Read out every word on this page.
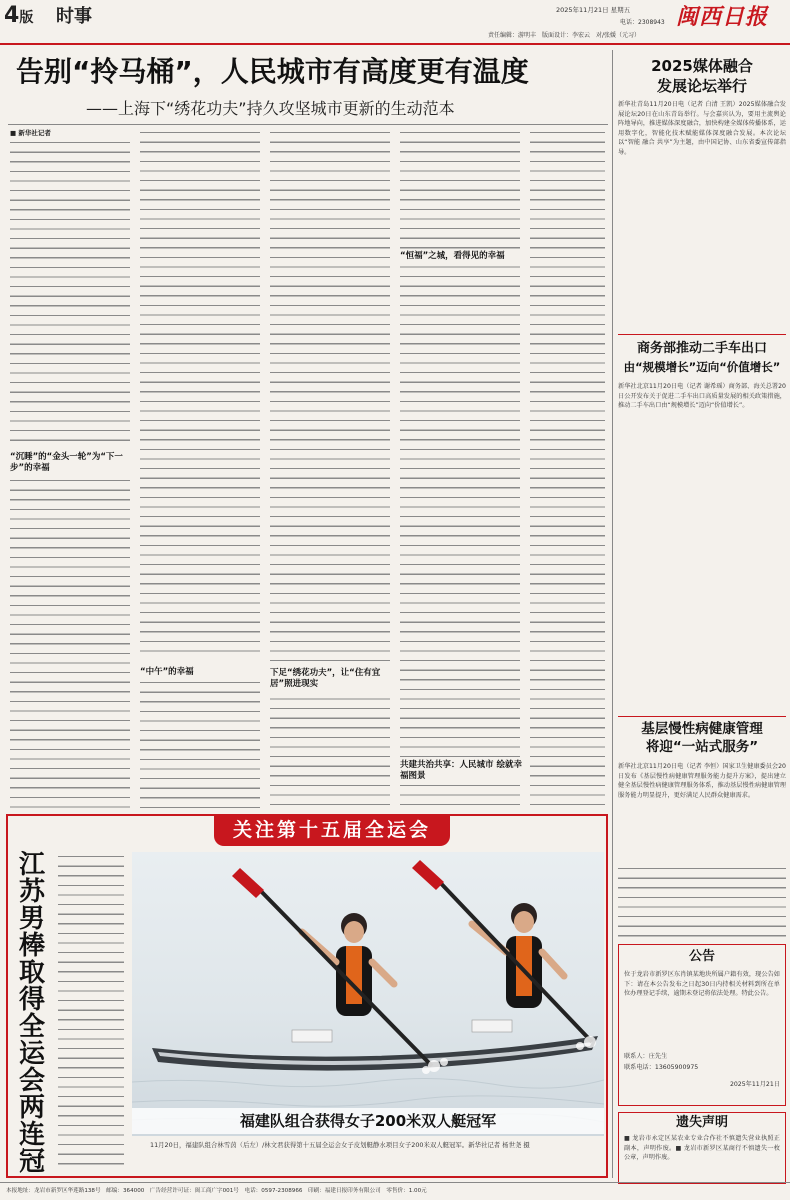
4版 时事	2025年11月21日 星期五
电话：2308943
责任编辑：游明丰　版面设计：李宏云　对/张媛（元习）
闽西日报
告别“拎马桶”，人民城市有高度更有温度
——上海下“绣花功夫”持久攻坚城市更新的生动范本
■ 新华社记者
“沉睡”的“金头一轮”为“下一步”的幸福
“中午”的幸福	下足“绣花功夫”，让“住有宜居”照进现实
“恒福”之城，看得见的幸福
共建共治共享：人民城市 绘就幸福图景
2025媒体融合
发展论坛举行
新华社青岛11月20日电（记者 白清 王凯）2025媒体融合发展论坛20日在山东青岛举行。与会嘉宾认为，要用主流舆论阵地导向，推进媒体深度融合，加快构建全媒体传播体系，运用数字化，智能化技术赋能媒体深度融合发展。本次论坛以“智能 融合 共享”为主题，由中国记协、山东省委宣传部指导。
商务部推动二手车出口
由“规模增长”迈向“价值增长”
新华社北京11月20日电（记者 谢希瑶）商务部、海关总署20日公开发布关于促进二手车出口高质量发展的相关政策措施，推动二手车出口由“规模增长”迈向“价值增长”。
基层慢性病健康管理
将迎“一站式服务”
新华社北京11月20日电（记者 李恒）国家卫生健康委员会20日发布《基层慢性病健康管理服务能力提升方案》，提出建立健全基层慢性病健康管理服务体系，推动基层慢性病健康管理服务能力明显提升，更好满足人民群众健康需求。
公告
位于龙岩市新罗区东肖镇某地块所属户籍有效，现公告如下：请在本公告发布之日起30日内持相关材料到所在单位办理登记手续，逾期未登记将依法处理。特此公告。
联系人：庄先生
联系电话：13605900975
2025年11月21日
遗失声明
■ 龙岩市永定区某农业专业合作社不慎遗失营业执照正副本，声明作废。■ 龙岩市新罗区某商行不慎遗失一枚公章，声明作废。
关注第十五届全运会
江
苏
男
棒
取
得
全
运
会
两
连
冠
福建队组合获得女子200米双人艇冠军
11月20日，福建队组合林雪茵（后左）/林文君获得第十五届全运会女子皮划艇静水项目女子200米双人艇冠军。新华社记者 杨世尧 摄
本报地址：龙岩市新罗区华莲路138号　邮编：364000　广告经营许可证：闽工商广字001号　电话：0597-2308966　印刷：福建日报印务有限公司　零售价：1.00元
